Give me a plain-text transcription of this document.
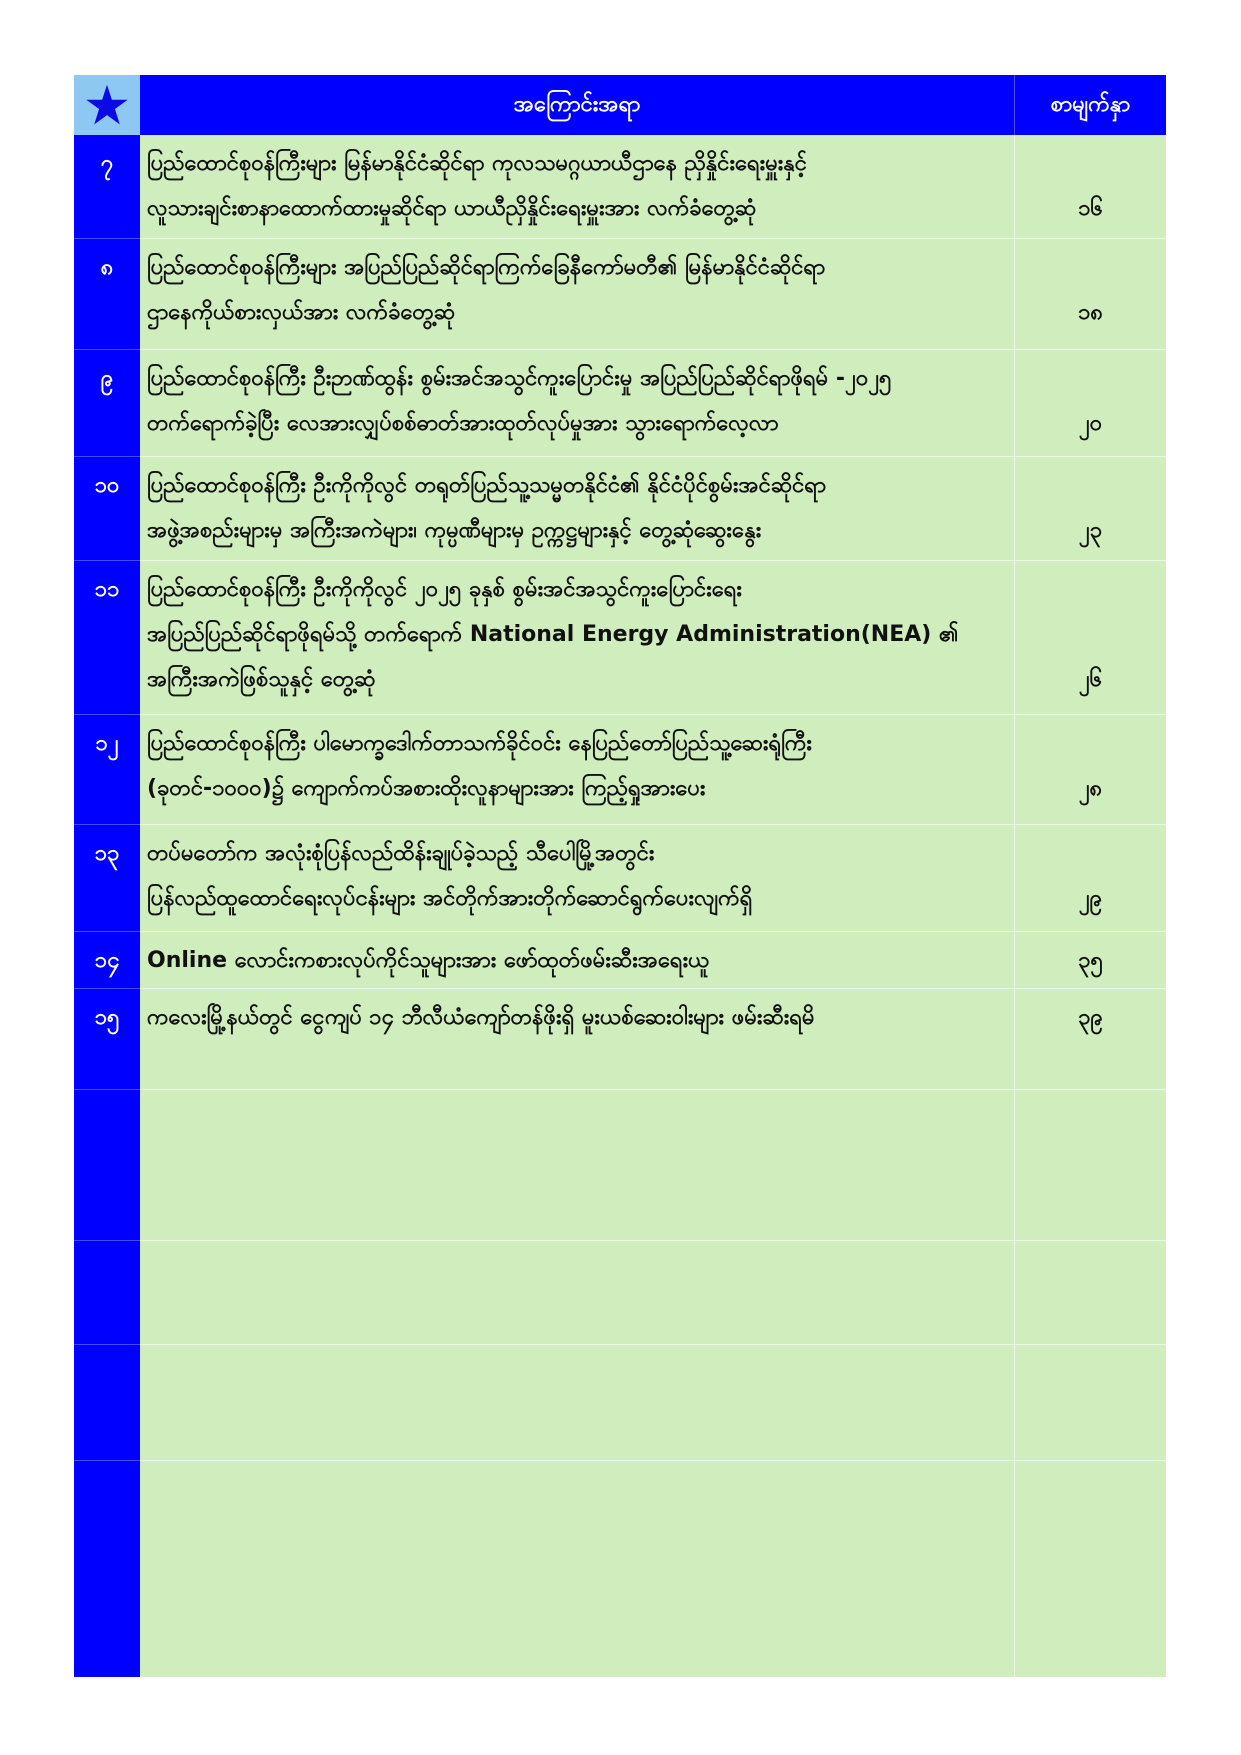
အကြောင်းအရာ	စာမျက်နှာ
၇	ပြည်ထောင်စုဝန်ကြီးများ မြန်မာနိုင်ငံဆိုင်ရာ ကုလသမဂ္ဂယာယီဌာနေ ညှိနှိုင်းရေးမှူးနှင့်
လူသားချင်းစာနာထောက်ထားမှုဆိုင်ရာ ယာယီညှိနှိုင်းရေးမှူးအား လက်ခံတွေ့ဆုံ	၁၆
၈	ပြည်ထောင်စုဝန်ကြီးများ အပြည်ပြည်ဆိုင်ရာကြက်ခြေနီကော်မတီ၏ မြန်မာနိုင်ငံဆိုင်ရာ
ဌာနေကိုယ်စားလှယ်အား လက်ခံတွေ့ဆုံ	၁၈
၉	ပြည်ထောင်စုဝန်ကြီး ဦးဉာဏ်ထွန်း စွမ်းအင်အသွင်ကူးပြောင်းမှု အပြည်ပြည်ဆိုင်ရာဖိုရမ် -၂၀၂၅
တက်ရောက်ခဲ့ပြီး လေအားလျှပ်စစ်ဓာတ်အားထုတ်လုပ်မှုအား သွားရောက်လေ့လာ	၂၀
၁၀	ပြည်ထောင်စုဝန်ကြီး ဦးကိုကိုလွင် တရုတ်ပြည်သူ့သမ္မတနိုင်ငံ၏ နိုင်ငံပိုင်စွမ်းအင်ဆိုင်ရာ
အဖွဲ့အစည်းများမှ အကြီးအကဲများ၊ ကုမ္ပဏီများမှ ဥက္ကဋ္ဌများနှင့် တွေ့ဆုံဆွေးနွေး	၂၃
၁၁	ပြည်ထောင်စုဝန်ကြီး ဦးကိုကိုလွင် ၂၀၂၅ ခုနှစ် စွမ်းအင်အသွင်ကူးပြောင်းရေး
အပြည်ပြည်ဆိုင်ရာဖိုရမ်သို့ တက်ရောက် National Energy Administration(NEA) ၏
အကြီးအကဲဖြစ်သူနှင့် တွေ့ဆုံ	၂၆
၁၂	ပြည်ထောင်စုဝန်ကြီး ပါမောက္ခဒေါက်တာသက်ခိုင်ဝင်း နေပြည်တော်ပြည်သူ့ဆေးရုံကြီး
(ခုတင်-၁၀၀၀)၌ ကျောက်ကပ်အစားထိုးလူနာများအား ကြည့်ရှုအားပေး	၂၈
၁၃	တပ်မတော်က အလုံးစုံပြန်လည်ထိန်းချုပ်ခဲ့သည့် သီပေါမြို့အတွင်း
ပြန်လည်ထူထောင်ရေးလုပ်ငန်းများ အင်တိုက်အားတိုက်ဆောင်ရွက်ပေးလျက်ရှိ	၂၉
၁၄	Online လောင်းကစားလုပ်ကိုင်သူများအား ဖော်ထုတ်ဖမ်းဆီးအရေးယူ	၃၅
၁၅	ကလေးမြို့နယ်တွင် ငွေကျပ် ၁၄ ဘီလီယံကျော်တန်ဖိုးရှိ မူးယစ်ဆေးဝါးများ ဖမ်းဆီးရမိ	၃၉
